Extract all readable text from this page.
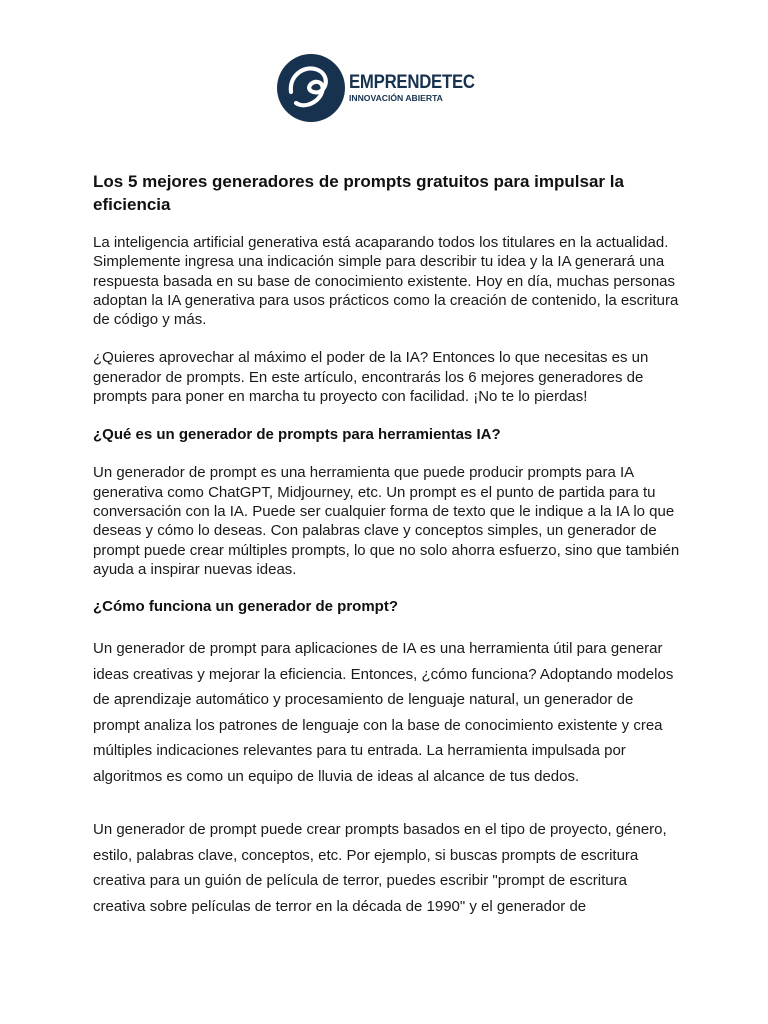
EMPRENDETEC
INNOVACIÓN ABIERTA
Los 5 mejores generadores de prompts gratuitos para impulsar la eficiencia

La inteligencia artificial generativa está acaparando todos los titulares en la actualidad. Simplemente ingresa una indicación simple para describir tu idea y la IA generará una respuesta basada en su base de conocimiento existente. Hoy en día, muchas personas adoptan la IA generativa para usos prácticos como la creación de contenido, la escritura de código y más.

¿Quieres aprovechar al máximo el poder de la IA? Entonces lo que necesitas es un generador de prompts. En este artículo, encontrarás los 6 mejores generadores de prompts para poner en marcha tu proyecto con facilidad. ¡No te lo pierdas!

¿Qué es un generador de prompts para herramientas IA?

Un generador de prompt es una herramienta que puede producir prompts para IA generativa como ChatGPT, Midjourney, etc. Un prompt es el punto de partida para tu conversación con la IA. Puede ser cualquier forma de texto que le indique a la IA lo que deseas y cómo lo deseas. Con palabras clave y conceptos simples, un generador de prompt puede crear múltiples prompts, lo que no solo ahorra esfuerzo, sino que también ayuda a inspirar nuevas ideas.

¿Cómo funciona un generador de prompt?

Un generador de prompt para aplicaciones de IA es una herramienta útil para generar ideas creativas y mejorar la eficiencia. Entonces, ¿cómo funciona? Adoptando modelos de aprendizaje automático y procesamiento de lenguaje natural, un generador de prompt analiza los patrones de lenguaje con la base de conocimiento existente y crea múltiples indicaciones relevantes para tu entrada. La herramienta impulsada por algoritmos es como un equipo de lluvia de ideas al alcance de tus dedos.

Un generador de prompt puede crear prompts basados en el tipo de proyecto, género, estilo, palabras clave, conceptos, etc. Por ejemplo, si buscas prompts de escritura creativa para un guión de película de terror, puedes escribir "prompt de escritura creativa sobre películas de terror en la década de 1990" y el generador de
